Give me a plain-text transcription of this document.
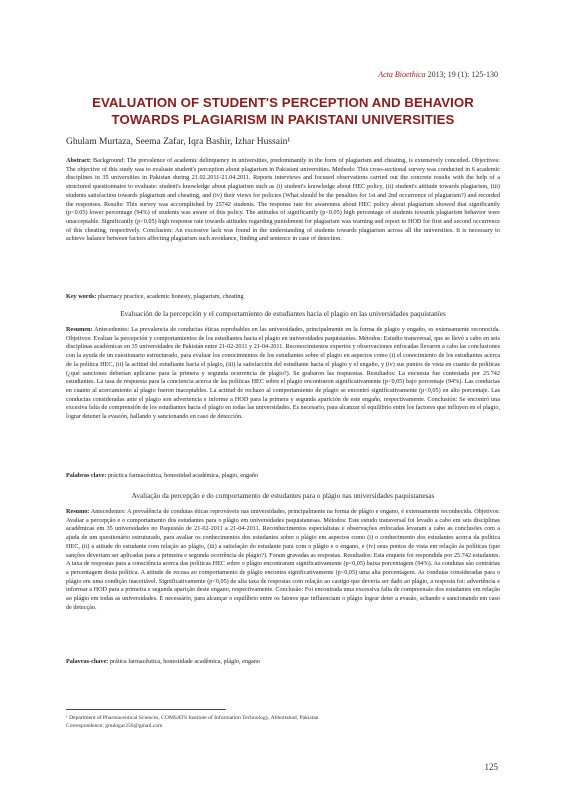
Acta Bioethica 2013; 19 (1): 125-130
EVALUATION OF STUDENT'S PERCEPTION AND BEHAVIOR TOWARDS PLAGIARISM IN PAKISTANI UNIVERSITIES
Ghulam Murtaza, Seema Zafar, Iqra Bashir, Izhar Hussain¹
Abstract: Background: The prevalence of academic delinquency in universities, predominantly in the form of plagiarism and cheating, is extensively conceded. Objectives: The objective of this study was to evaluate student's perception about plagiarism in Pakistani universities. Methods: This cross-sectional survey was conducted in 6 academic disciplines in 35 universities in Pakistan during 21.02.2011-21.04.2011. Reports interviews and focused observations carried out the concrete results with the help of a structured questionnaire to evaluate: student's knowledge about plagiarism such as (i) student's knowledge about HEC policy, (ii) student's attitude towards plagiarism, (iii) students satisfaction towards plagiarism and cheating, and (iv) their views for policies (What should be the penalties for 1st and 2nd occurrence of plagiarism?) and recorded the responses. Results: This survey was accomplished by 25742 students. The response rate for awareness about HEC policy about plagiarism showed that significantly (p<0.05) lower percentage (94%) of students was aware of this policy. The attitudes of significantly (p<0.05) high percentage of students towards plagiarism behavior were unacceptable. Significantly (p<0.05) high response rate towards attitudes regarding punishment for plagiarism was warning and report to HOD for first and second occurrence of this cheating, respectively. Conclusion: An excessive lack was found in the understanding of students towards plagiarism across all the universities. It is necessary to achieve balance between factors affecting plagiarism such avoidance, finding and sentence in case of detection.
Key words: pharmacy practice, academic honesty, plagiarism, cheating
Evaluación de la percepción y el comportamiento de estudiantes hacia el plagio en las universidades paquistaníes
Resumen: Antecedentes: La prevalencia de conductas éticas reprobables en las universidades, principalmente en la forma de plagio y engaño, es extensamente reconocida. Objetivos: Evaluar la percepción y comportamientos de los estudiantes hacia el plagio en universidades paquistaníes. Métodos: Estudio transversal, que se llevó a cabo en seis disciplinas académicas en 35 universidades de Pakistán entre 21-02-2011 y 21-04-2011. Reconocimientos expertos y observaciones enfocadas llevaron a cabo las conclusiones con la ayuda de un cuestionario estructurado, para evaluar los conocimientos de los estudiantes sobre el plagio en aspectos como (i) el conocimiento de los estudiantes acerca de la política HEC, (ii) la actitud del estudiante hacia el plagio, (iii) la satisfacción del estudiante hacia el plagio y el engaño, y (iv) sus puntos de vista en cuanto de políticas (¿qué sanciones deberían aplicarse para la primera y segunda ocurrencia de plagio?). Se grabaron las respuestas. Resultados: La encuesta fue contestada por 25.742 estudiantes. La tasa de respuesta para la conciencia acerca de las políticas HEC sobre el plagio encontraron significativamente (p<0,05) bajo porcentaje (94%). Las conductas en cuanto al acercamiento al plagio fueron inaceptables. La actitud de rechazo al comportamiento de plagio se encontró significativamente (p<0,05) en alto porcentaje. Las conductas consideradas ante el plagio son advertencia e informe a HOD para la primera y segunda aparición de este engaño, respectivamente. Conclusión: Se encontró una excesiva falta de comprensión de los estudiantes hacia el plagio en todas las universidades. Es necesario, para alcanzar el equilibrio entre los factores que influyen en el plagio, lograr detener la evasión, hallando y sancionando en caso de detección.
Palabras clave: práctica farmacéutica, honestidad académica, plagio, engaño
Avaliação da percepção e do comportamento de estudantes para o plágio nas universidades paquistanesas
Resumo: Antecedentes: A prevalência de condutas éticas reprováveis nas universidades, principalmente na forma de plágio e engano, é extensamente reconhecida. Objetivos: Avaliar a percepção e o comportamento dos estudantes para o plágio em universidades paquistanesas. Métodos: Este estudo transversal foi levado a cabo em seis disciplinas acadêmicas em 35 universidades no Paquistão de 21-02-2011 a 21-04-2011. Reconhecimentos especialistas e observações enfocadas levaram a cabo as conclusões com a ajuda de um questionário estruturado, para avaliar os conhecimentos dos estudantes sobre o plágio em aspectos como (i) o conhecimento dos estudantes acerca da política HEC, (ii) a atitude do estudante com relação ao plágio, (iii) a satisfação do estudante para com o plágio e o engano, e (iv) seus pontos de vista em relação às políticas (que sanções deveriam ser aplicadas para a primeira e segunda ocorrência de plágio?). Foram gravadas as respostas. Resultados: Esta enquete foi respondida por 25.742 estudantes. A taxa de respostas para a consciência acerca das políticas HEC sobre o plágio encontraram significativamente (p<0,05) baixa porcentagem (94%). As condutas são contrárias a percentagem desta política. A atitude de recusa ao comportamento de plágio encontra significativamente (p<0,05) uma alta porcentagem. As condutas consideradas para o plágio em uma condição inaceitável. Significativamente (p<0,05) de alta taxa de respostas com relação ao castigo que deveria ser dado ao plágio, a resposta foi: advertência e informar a HOD para a primeira e segunda aparição deste engano, respectivamente. Conclusão: Foi encontrada uma excessiva falta de compreensão dos estudantes em relação ao plágio em todas as universidades. É necessário, para alcançar o equilíbrio entre os fatores que influenciam o plágio lograr deter a evasão, achando e sancionando em caso de detecção.
Palavras-chave: prática farmacêutica, honestidade acadêmica, plágio, engano
¹ Department of Pharmaceutical Sciences, COMSATS Institute of Information Technology, Abbottabad, Pakistan
Correspondence: gmdogar356@gmail.com
125
